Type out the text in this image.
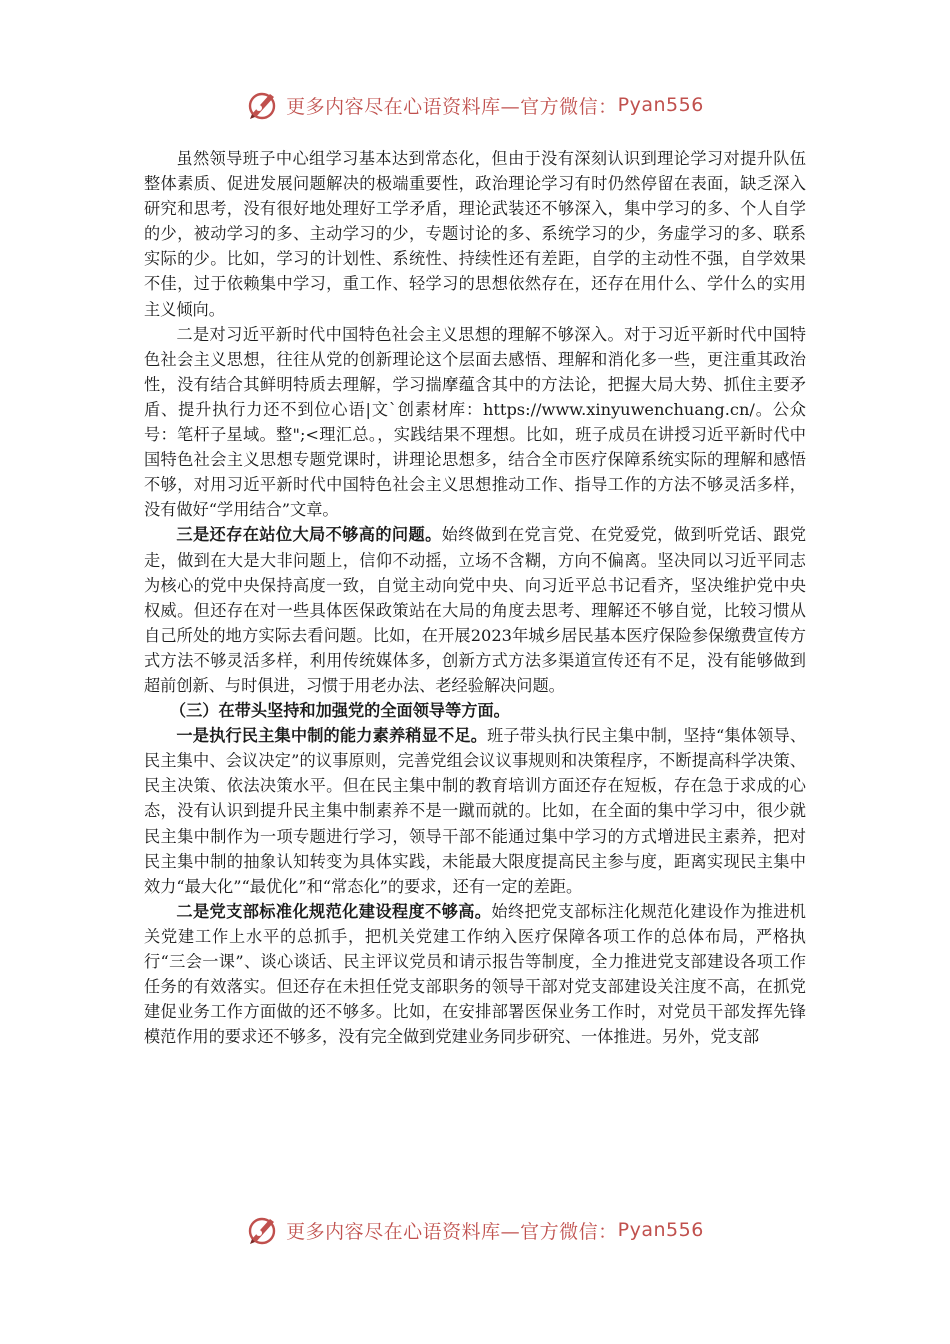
更多内容尽在心语资料库—官方微信： Pyan556

虽然领导班子中心组学习基本达到常态化，但由于没有深刻认识到理论学习对提升队伍整体素质、促进发展问题解决的极端重要性，政治理论学习有时仍然停留在表面，缺乏深入研究和思考，没有很好地处理好工学矛盾，理论武装还不够深入，集中学习的多、个人自学的少，被动学习的多、主动学习的少，专题讨论的多、系统学习的少，务虚学习的多、联系实际的少。比如，学习的计划性、系统性、持续性还有差距，自学的主动性不强，自学效果不佳，过于依赖集中学习，重工作、轻学习的思想依然存在，还存在用什么、学什么的实用主义倾向。

二是对习近平新时代中国特色社会主义思想的理解不够深入。对于习近平新时代中国特色社会主义思想，往往从党的创新理论这个层面去感悟、理解和消化多一些，更注重其政治性，没有结合其鲜明特质去理解，学习揣摩蕴含其中的方法论，把握大局大势、抓住主要矛盾、提升执行力还不到位心语|文`创素材库：https://www.xinyuwenchuang.cn/。公众号：笔杆子星域。整";<理汇总。，实践结果不理想。比如，班子成员在讲授习近平新时代中国特色社会主义思想专题党课时，讲理论思想多，结合全市医疗保障系统实际的理解和感悟不够，对用习近平新时代中国特色社会主义思想推动工作、指导工作的方法不够灵活多样，没有做好“学用结合”文章。

三是还存在站位大局不够高的问题。始终做到在党言党、在党爱党，做到听党话、跟党走，做到在大是大非问题上，信仰不动摇，立场不含糊，方向不偏离。坚决同以习近平同志为核心的党中央保持高度一致，自觉主动向党中央、向习近平总书记看齐，坚决维护党中央权威。但还存在对一些具体医保政策站在大局的角度去思考、理解还不够自觉，比较习惯从自己所处的地方实际去看问题。比如，在开展2023年城乡居民基本医疗保险参保缴费宣传方式方法不够灵活多样，利用传统媒体多，创新方式方法多渠道宣传还有不足，没有能够做到超前创新、与时俱进，习惯于用老办法、老经验解决问题。

（三）在带头坚持和加强党的全面领导等方面。

一是执行民主集中制的能力素养稍显不足。班子带头执行民主集中制，坚持“集体领导、民主集中、会议决定”的议事原则，完善党组会议议事规则和决策程序，不断提高科学决策、民主决策、依法决策水平。但在民主集中制的教育培训方面还存在短板，存在急于求成的心态，没有认识到提升民主集中制素养不是一蹴而就的。比如，在全面的集中学习中，很少就民主集中制作为一项专题进行学习，领导干部不能通过集中学习的方式增进民主素养，把对民主集中制的抽象认知转变为具体实践，未能最大限度提高民主参与度，距离实现民主集中效力“最大化”“最优化”和“常态化”的要求，还有一定的差距。

二是党支部标准化规范化建设程度不够高。始终把党支部标注化规范化建设作为推进机关党建工作上水平的总抓手，把机关党建工作纳入医疗保障各项工作的总体布局，严格执行“三会一课”、谈心谈话、民主评议党员和请示报告等制度，全力推进党支部建设各项工作任务的有效落实。但还存在未担任党支部职务的领导干部对党支部建设关注度不高，在抓党建促业务工作方面做的还不够多。比如，在安排部署医保业务工作时，对党员干部发挥先锋模范作用的要求还不够多，没有完全做到党建业务同步研究、一体推进。另外，党支部

更多内容尽在心语资料库—官方微信： Pyan556
